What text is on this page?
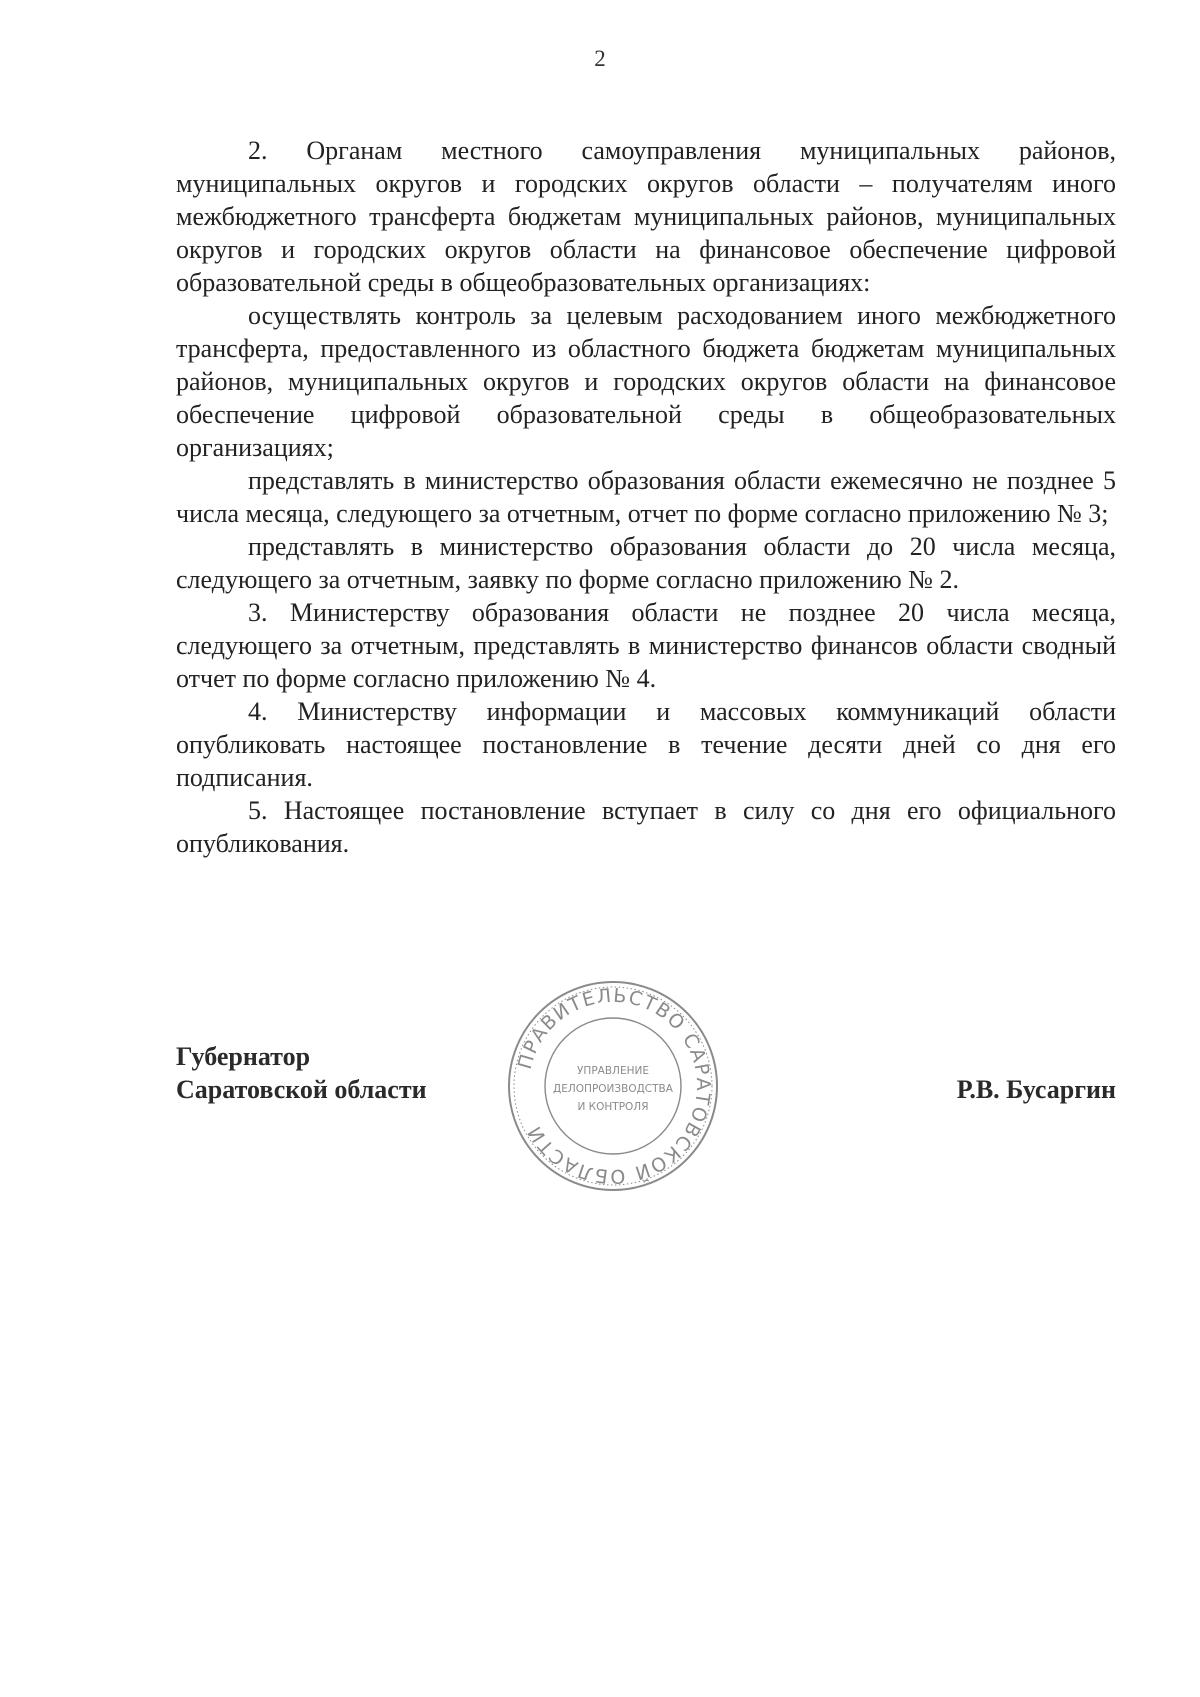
2

2. Органам местного самоуправления муниципальных районов, муниципальных округов и городских округов области – получателям иного межбюджетного трансферта бюджетам муниципальных районов, муниципальных округов и городских округов области на финансовое обеспечение цифровой образовательной среды в общеобразовательных организациях:

осуществлять контроль за целевым расходованием иного межбюджетного трансферта, предоставленного из областного бюджета бюджетам муниципальных районов, муниципальных округов и городских округов области на финансовое обеспечение цифровой образовательной среды в общеобразовательных организациях;

представлять в министерство образования области ежемесячно не позднее 5 числа месяца, следующего за отчетным, отчет по форме согласно приложению № 3;

представлять в министерство образования области до 20 числа месяца, следующего за отчетным, заявку по форме согласно приложению № 2.

3. Министерству образования области не позднее 20 числа месяца, следующего за отчетным, представлять в министерство финансов области сводный отчет по форме согласно приложению № 4.

4. Министерству информации и массовых коммуникаций области опубликовать настоящее постановление в течение десяти дней со дня его подписания.

5. Настоящее постановление вступает в силу со дня его официального опубликования.

Губернатор
Саратовской области
ПРАВИТЕЛЬСТВО САРАТОВСКОЙ ОБЛАСТИ
УПРАВЛЕНИЕ
ДЕЛОПРОИЗВОДСТВА
И КОНТРОЛЯ
Р.В. Бусаргин
